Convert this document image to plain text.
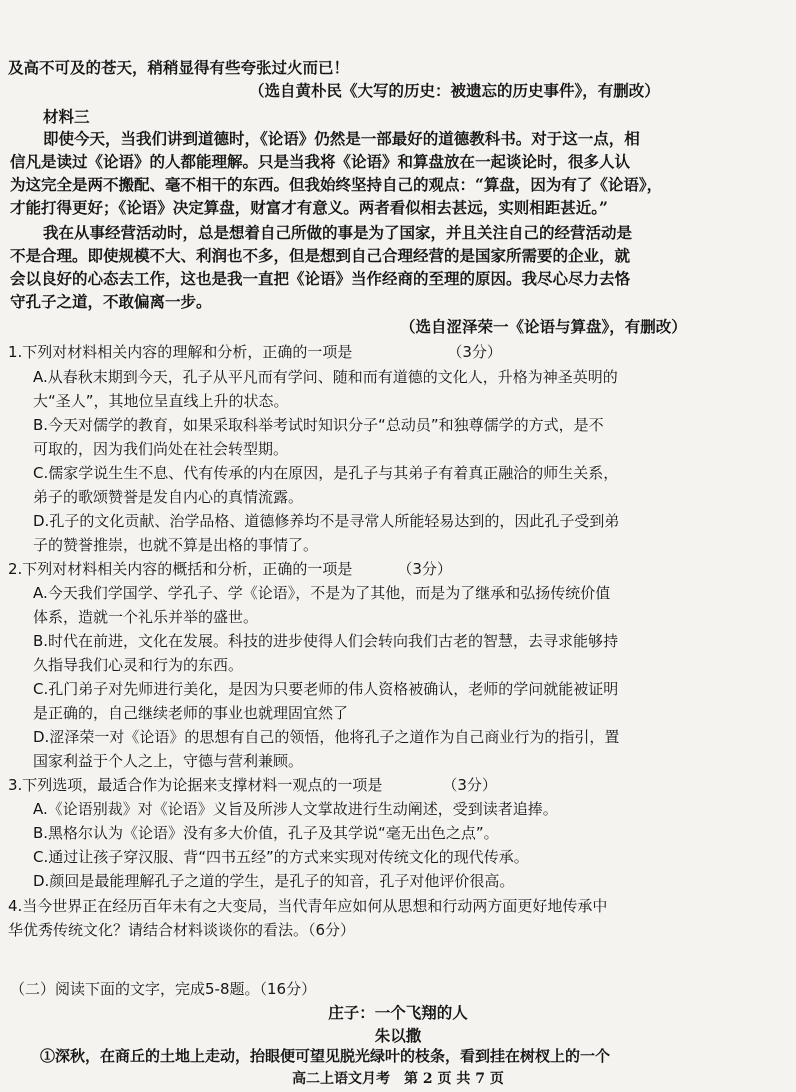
及高不可及的苍天，稍稍显得有些夸张过火而已！

（选自黄朴民《大写的历史：被遗忘的历史事件》，有删改）

材料三

即使今天，当我们讲到道德时，《论语》仍然是一部最好的道德教科书。对于这一点，相

信凡是读过《论语》的人都能理解。只是当我将《论语》和算盘放在一起谈论时，很多人认

为这完全是两不搬配、毫不相干的东西。但我始终坚持自己的观点：“算盘，因为有了《论语》，

才能打得更好；《论语》决定算盘，财富才有意义。两者看似相去甚远，实则相距甚近。”

我在从事经营活动时，总是想着自己所做的事是为了国家，并且关注自己的经营活动是

不是合理。即使规模不大、利润也不多，但是想到自己合理经营的是国家所需要的企业，就

会以良好的心态去工作，这也是我一直把《论语》当作经商的至理的原因。我尽心尽力去恪

守孔子之道，不敢偏离一步。

（选自涩泽荣一《论语与算盘》，有删改）

1.下列对材料相关内容的理解和分析，正确的一项是	（3分）

A.从春秋末期到今天，孔子从平凡而有学问、随和而有道德的文化人，升格为神圣英明的

大“圣人”，其地位呈直线上升的状态。

B.今天对儒学的教育，如果采取科举考试时知识分子“总动员”和独尊儒学的方式，是不

可取的，因为我们尚处在社会转型期。

C.儒家学说生生不息、代有传承的内在原因，是孔子与其弟子有着真正融洽的师生关系，

弟子的歌颂赞誉是发自内心的真情流露。

D.孔子的文化贡献、治学品格、道德修养均不是寻常人所能轻易达到的，因此孔子受到弟

子的赞誉推崇，也就不算是出格的事情了。

2.下列对材料相关内容的概括和分析，正确的一项是	（3分）

A.今天我们学国学、学孔子、学《论语》，不是为了其他，而是为了继承和弘扬传统价值

体系，造就一个礼乐并举的盛世。

B.时代在前进，文化在发展。科技的进步使得人们会转向我们古老的智慧，去寻求能够持

久指导我们心灵和行为的东西。

C.孔门弟子对先师进行美化，是因为只要老师的伟人资格被确认，老师的学问就能被证明

是正确的，自己继续老师的事业也就理固宜然了

D.涩泽荣一对《论语》的思想有自己的领悟，他将孔子之道作为自己商业行为的指引，置

国家利益于个人之上，守德与营利兼顾。

3.下列选项，最适合作为论据来支撑材料一观点的一项是	（3分）

A.《论语别裁》对《论语》义旨及所涉人文掌故进行生动阐述，受到读者追捧。

B.黑格尔认为《论语》没有多大价值，孔子及其学说“毫无出色之点”。

C.通过让孩子穿汉服、背“四书五经”的方式来实现对传统文化的现代传承。

D.颜回是最能理解孔子之道的学生，是孔子的知音，孔子对他评价很高。

4.当今世界正在经历百年未有之大变局，当代青年应如何从思想和行动两方面更好地传承中

华优秀传统文化？请结合材料谈谈你的看法。（6分）

（二）阅读下面的文字，完成5-8题。（16分）

庄子：一个飞翔的人

朱以撒

①深秋，在商丘的土地上走动，抬眼便可望见脱光绿叶的枝条，看到挂在树杈上的一个

高二上语文月考　第 2 页 共 7 页
